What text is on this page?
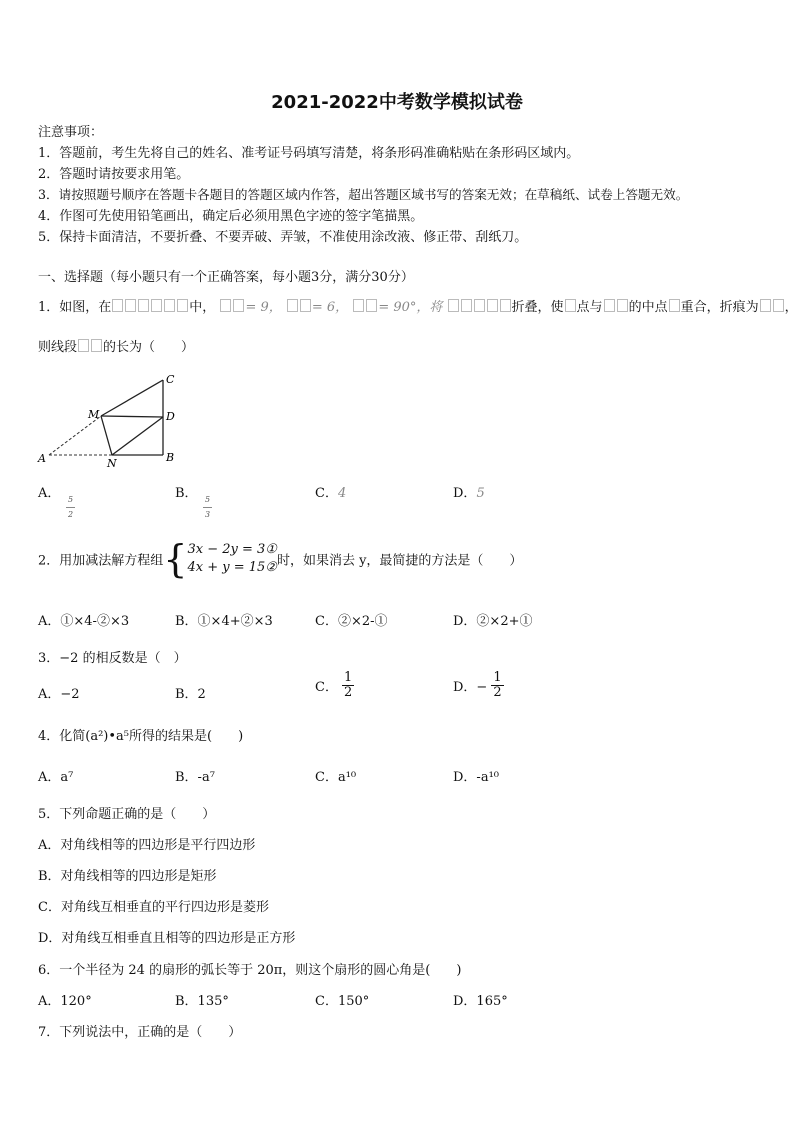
2021-2022中考数学模拟试卷
注意事项：
1．答题前，考生先将自己的姓名、准考证号码填写清楚，将条形码准确粘贴在条形码区域内。
2．答题时请按要求用笔。
3．请按照题号顺序在答题卡各题目的答题区域内作答，超出答题区域书写的答案无效；在草稿纸、试卷上答题无效。
4．作图可先使用铅笔画出，确定后必须用黑色字迹的签字笔描黑。
5．保持卡面清洁，不要折叠、不要弄破、弄皱，不准使用涂改液、修正带、刮纸刀。
一、选择题（每小题只有一个正确答案，每小题3分，满分30分）
1．如图，在	中， = 9， = 6， = 90°，将	折叠，使 点与 的中点 重合，折痕为 ，
则线段 的长为（　　）
A
C
D
B
M
N
A． $\frac{5}{2}$	B． $\frac{5}{3}$	C．4	D．5
2．用加减法解方程组{ 3x − 2y = 3①
4x + y = 15② 时，如果消去 y，最简捷的方法是（　　）
A．①×4-②×3	B．①×4+②×3	C．②×2-①	D．②×2+①
3．−2 的相反数是（　）
A．−2	B．2	C． $\frac{1}{2}$	D．− $\frac{1}{2}$
4．化简(a²)•a⁵所得的结果是(　　)
A．a⁷	B．-a⁷	C．a¹⁰	D．-a¹⁰
5．下列命题正确的是（　　）
A．对角线相等的四边形是平行四边形
B．对角线相等的四边形是矩形
C．对角线互相垂直的平行四边形是菱形
D．对角线互相垂直且相等的四边形是正方形
6．一个半径为 24 的扇形的弧长等于 20π，则这个扇形的圆心角是(　　)
A．120°	B．135°	C．150°	D．165°
7．下列说法中，正确的是（　　）
